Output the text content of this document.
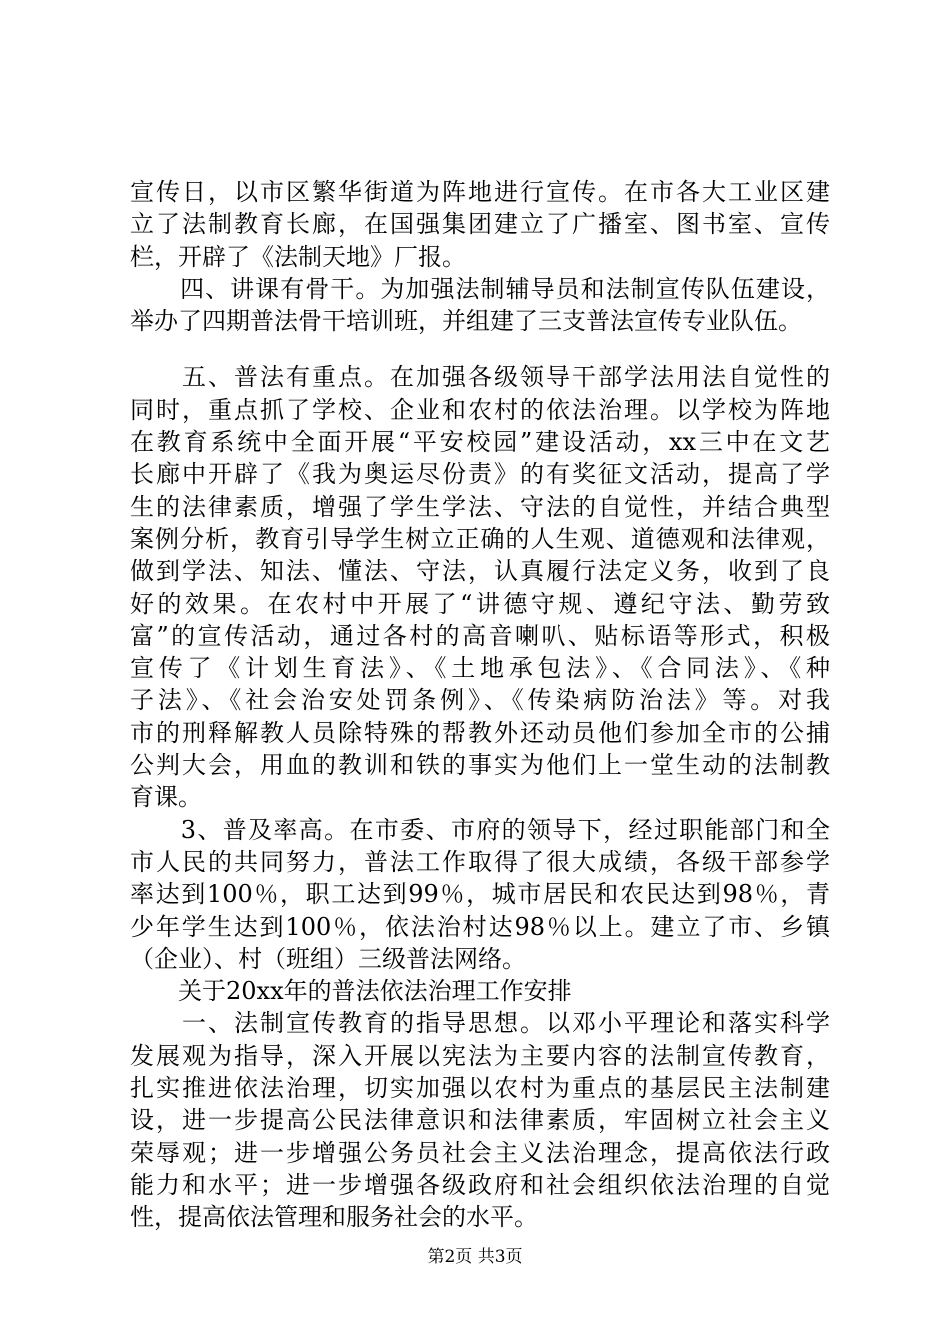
宣传日，以市区繁华街道为阵地进行宣传。在市各大工业区建
立了法制教育长廊，在国强集团建立了广播室、图书室、宣传
栏，开辟了《法制天地》厂报。
　　四、讲课有骨干。为加强法制辅导员和法制宣传队伍建设，
举办了四期普法骨干培训班，并组建了三支普法宣传专业队伍。
　　五、普法有重点。在加强各级领导干部学法用法自觉性的
同时，重点抓了学校、企业和农村的依法治理。以学校为阵地
在教育系统中全面开展“平安校园”建设活动，xx三中在文艺
长廊中开辟了《我为奥运尽份责》的有奖征文活动，提高了学
生的法律素质，增强了学生学法、守法的自觉性，并结合典型
案例分析，教育引导学生树立正确的人生观、道德观和法律观，
做到学法、知法、懂法、守法，认真履行法定义务，收到了良
好的效果。在农村中开展了“讲德守规、遵纪守法、勤劳致
富”的宣传活动，通过各村的高音喇叭、贴标语等形式，积极
宣传了《计划生育法》、《土地承包法》、《合同法》、《种
子法》、《社会治安处罚条例》、《传染病防治法》等。对我
市的刑释解教人员除特殊的帮教外还动员他们参加全市的公捕
公判大会，用血的教训和铁的事实为他们上一堂生动的法制教
育课。
　　3、普及率高。在市委、市府的领导下，经过职能部门和全
市人民的共同努力，普法工作取得了很大成绩，各级干部参学
率达到100％，职工达到99％，城市居民和农民达到98％，青
少年学生达到100％，依法治村达98％以上。建立了市、乡镇
（企业）、村（班组）三级普法网络。
　　关于20xx年的普法依法治理工作安排
　　一、法制宣传教育的指导思想。以邓小平理论和落实科学
发展观为指导，深入开展以宪法为主要内容的法制宣传教育，
扎实推进依法治理，切实加强以农村为重点的基层民主法制建
设，进一步提高公民法律意识和法律素质，牢固树立社会主义
荣辱观；进一步增强公务员社会主义法治理念，提高依法行政
能力和水平；进一步增强各级政府和社会组织依法治理的自觉
性，提高依法管理和服务社会的水平。
第2页 共3页
